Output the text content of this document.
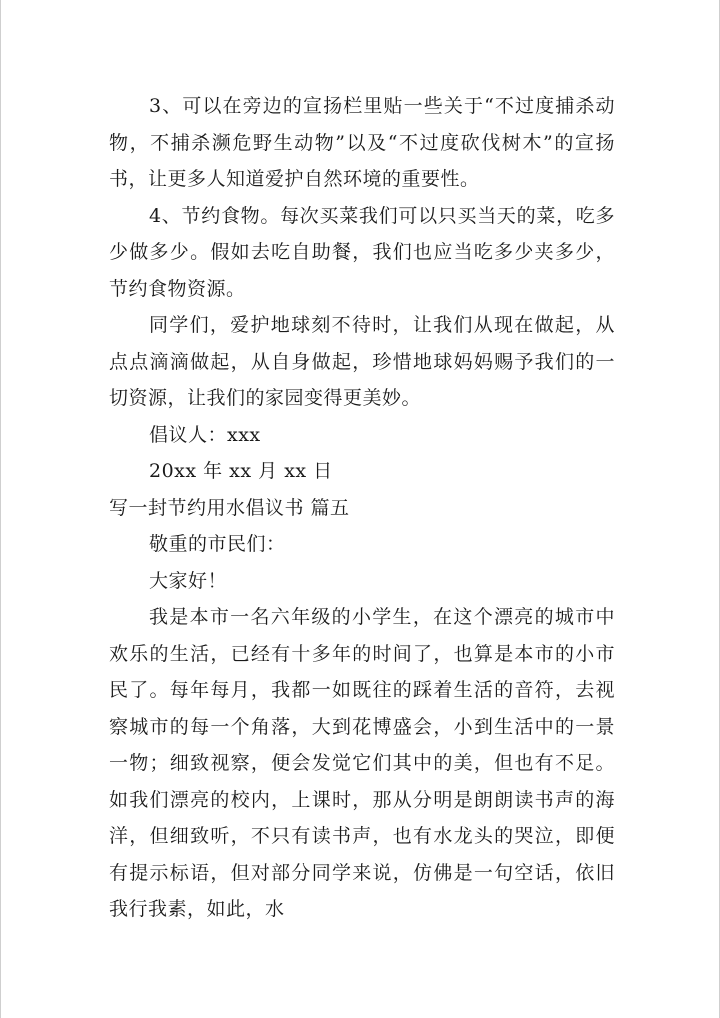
3、可以在旁边的宣扬栏里贴一些关于“不过度捕杀动物，不捕杀濒危野生动物”以及“不过度砍伐树木”的宣扬书，让更多人知道爱护自然环境的重要性。

4、节约食物。每次买菜我们可以只买当天的菜，吃多少做多少。假如去吃自助餐，我们也应当吃多少夹多少，节约食物资源。

同学们，爱护地球刻不待时，让我们从现在做起，从点点滴滴做起，从自身做起，珍惜地球妈妈赐予我们的一切资源，让我们的家园变得更美妙。

倡议人：xxx

20xx 年 xx 月 xx 日

写一封节约用水倡议书 篇五

敬重的市民们：

大家好！

我是本市一名六年级的小学生，在这个漂亮的城市中欢乐的生活，已经有十多年的时间了，也算是本市的小市民了。每年每月，我都一如既往的踩着生活的音符，去视察城市的每一个角落，大到花博盛会，小到生活中的一景一物；细致视察，便会发觉它们其中的美，但也有不足。如我们漂亮的校内，上课时，那从分明是朗朗读书声的海洋，但细致听，不只有读书声，也有水龙头的哭泣，即便有提示标语，但对部分同学来说，仿佛是一句空话，依旧我行我素，如此，水
